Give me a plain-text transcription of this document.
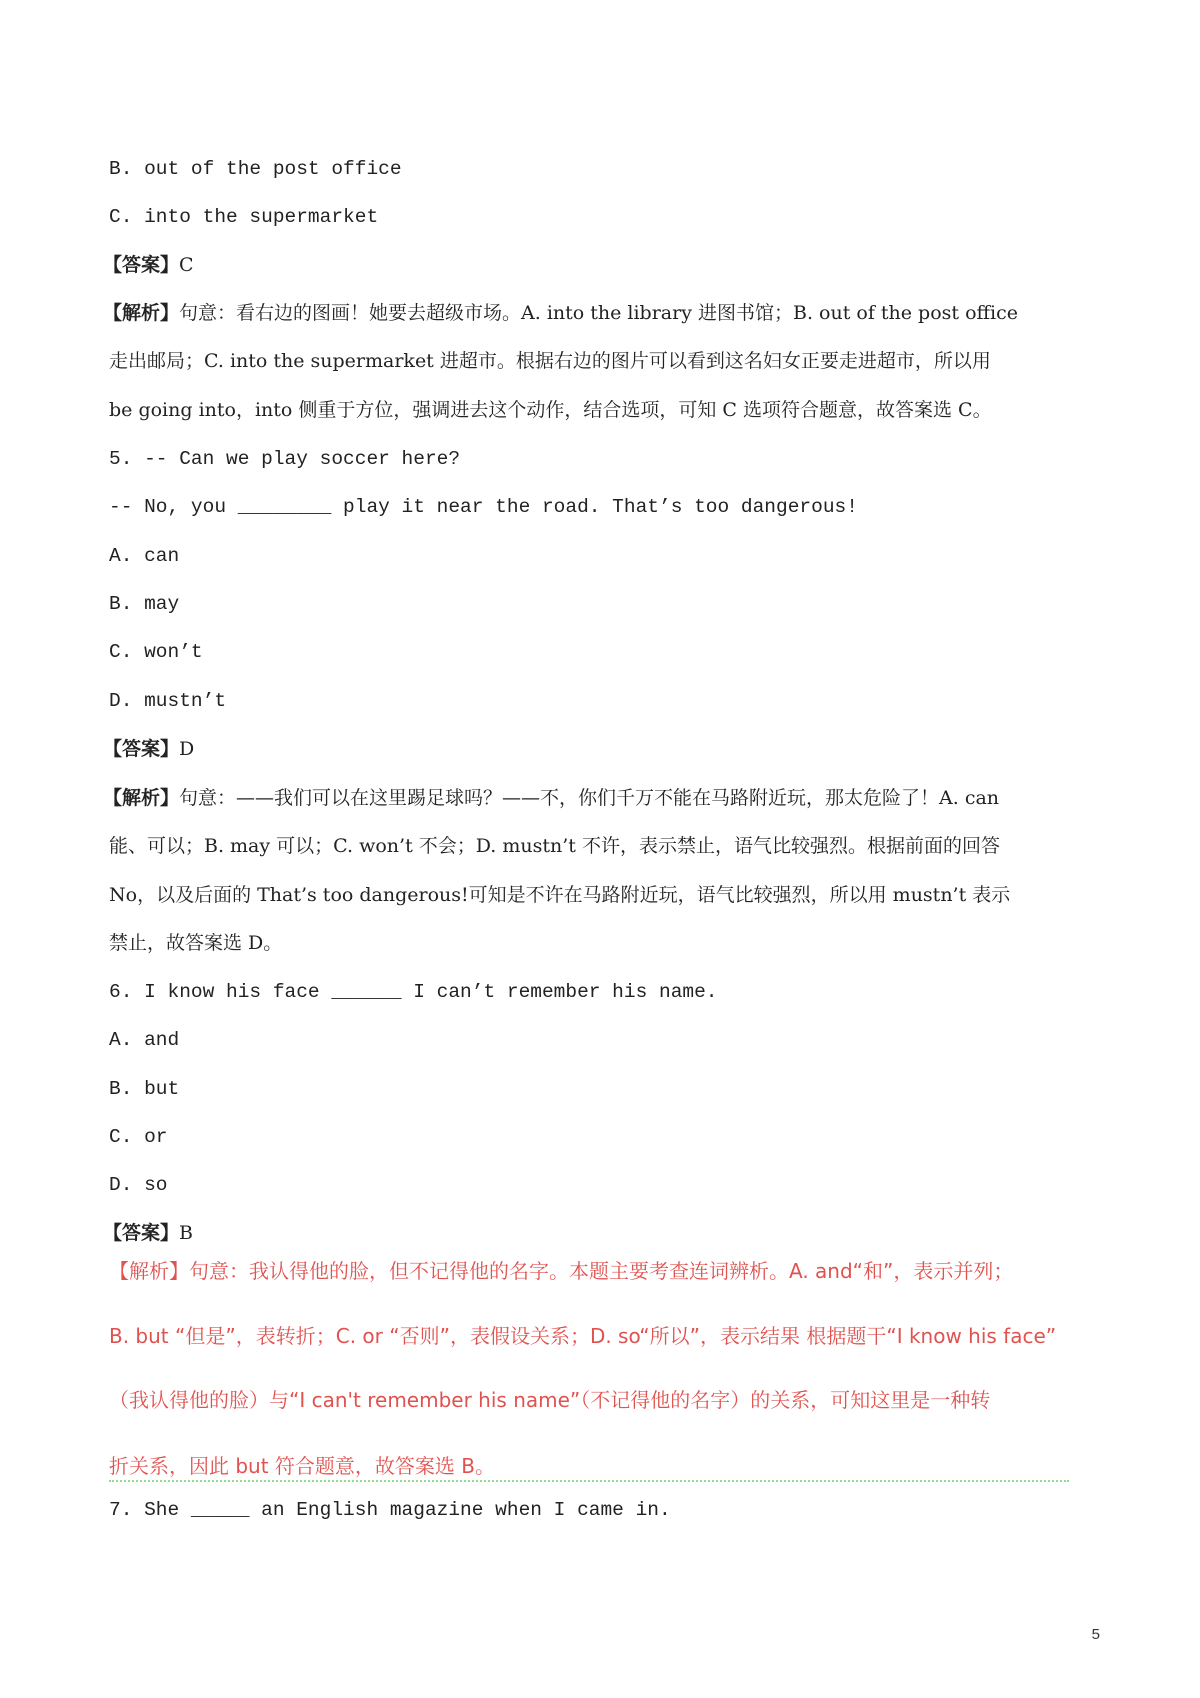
B. out of the post office

C. into the supermarket

【答案】C

【解析】句意：看右边的图画！她要去超级市场。A. into the library 进图书馆；B. out of the post office

走出邮局；C. into the supermarket 进超市。根据右边的图片可以看到这名妇女正要走进超市，所以用

be going into，into 侧重于方位，强调进去这个动作，结合选项，可知 C 选项符合题意，故答案选 C。

5. -- Can we play soccer here?

-- No, you ________ play it near the road. That’s too dangerous!

A. can

B. may

C. won’t

D. mustn’t

【答案】D

【解析】句意：——我们可以在这里踢足球吗？——不，你们千万不能在马路附近玩，那太危险了！A. can

能、可以；B. may 可以；C. won’t 不会；D. mustn’t 不许，表示禁止，语气比较强烈。根据前面的回答

No，以及后面的 That’s too dangerous!可知是不许在马路附近玩，语气比较强烈，所以用 mustn’t 表示

禁止，故答案选 D。

6. I know his face ______ I can’t remember his name.

A. and

B. but

C. or

D. so

【答案】B

【解析】句意：我认得他的脸，但不记得他的名字。本题主要考查连词辨析。A. and“和”，表示并列；

B. but “但是”，表转折；C. or “否则”，表假设关系；D. so“所以”，表示结果 根据题干“I know his face”

（我认得他的脸）与“I can't remember his name”（不记得他的名字）的关系，可知这里是一种转

折关系，因此 but 符合题意，故答案选 B。

7. She _____ an English magazine when I came in.

5
